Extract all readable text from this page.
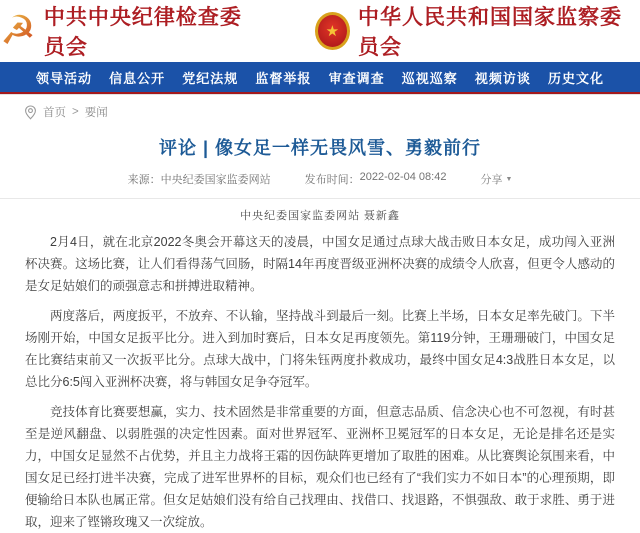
☭ 中共中央纪律检查委员会
★
中华人民共和国国家监察委员会
领导活动 信息公开 党纪法规 监督举报 审查调查 巡视巡察 视频访谈 历史文化
首页 > 要闻
评论 | 像女足一样无畏风雪、勇毅前行
来源： 中央纪委国家监委网站	发布时间： 2022-02-04 08:42	分享 ▼
中央纪委国家监委网站 聂新鑫

2月4日，就在北京2022冬奥会开幕这天的凌晨，中国女足通过点球大战击败日本女足，成功闯入亚洲杯决赛。这场比赛，让人们看得荡气回肠，时隔14年再度晋级亚洲杯决赛的成绩令人欣喜，但更令人感动的是女足姑娘们的顽强意志和拼搏进取精神。

两度落后，两度扳平，不放弃、不认输，坚持战斗到最后一刻。比赛上半场，日本女足率先破门。下半场刚开始，中国女足扳平比分。进入到加时赛后，日本女足再度领先。第119分钟，王珊珊破门，中国女足在比赛结束前又一次扳平比分。点球大战中，门将朱钰两度扑救成功，最终中国女足4:3战胜日本女足，以总比分6:5闯入亚洲杯决赛，将与韩国女足争夺冠军。

竞技体育比赛要想赢，实力、技术固然是非常重要的方面，但意志品质、信念决心也不可忽视，有时甚至是逆风翻盘、以弱胜强的决定性因素。面对世界冠军、亚洲杯卫冕冠军的日本女足，无论是排名还是实力，中国女足显然不占优势，并且主力战将王霜的因伤缺阵更增加了取胜的困难。从比赛舆论氛围来看，中国女足已经打进半决赛，完成了进军世界杯的目标，观众们也已经有了“我们实力不如日本”的心理预期，即便输给日本队也属正常。但女足姑娘们没有给自己找理由、找借口、找退路，不惧强敌、敢于求胜、勇于进取，迎来了铿锵玫瑰又一次绽放。
